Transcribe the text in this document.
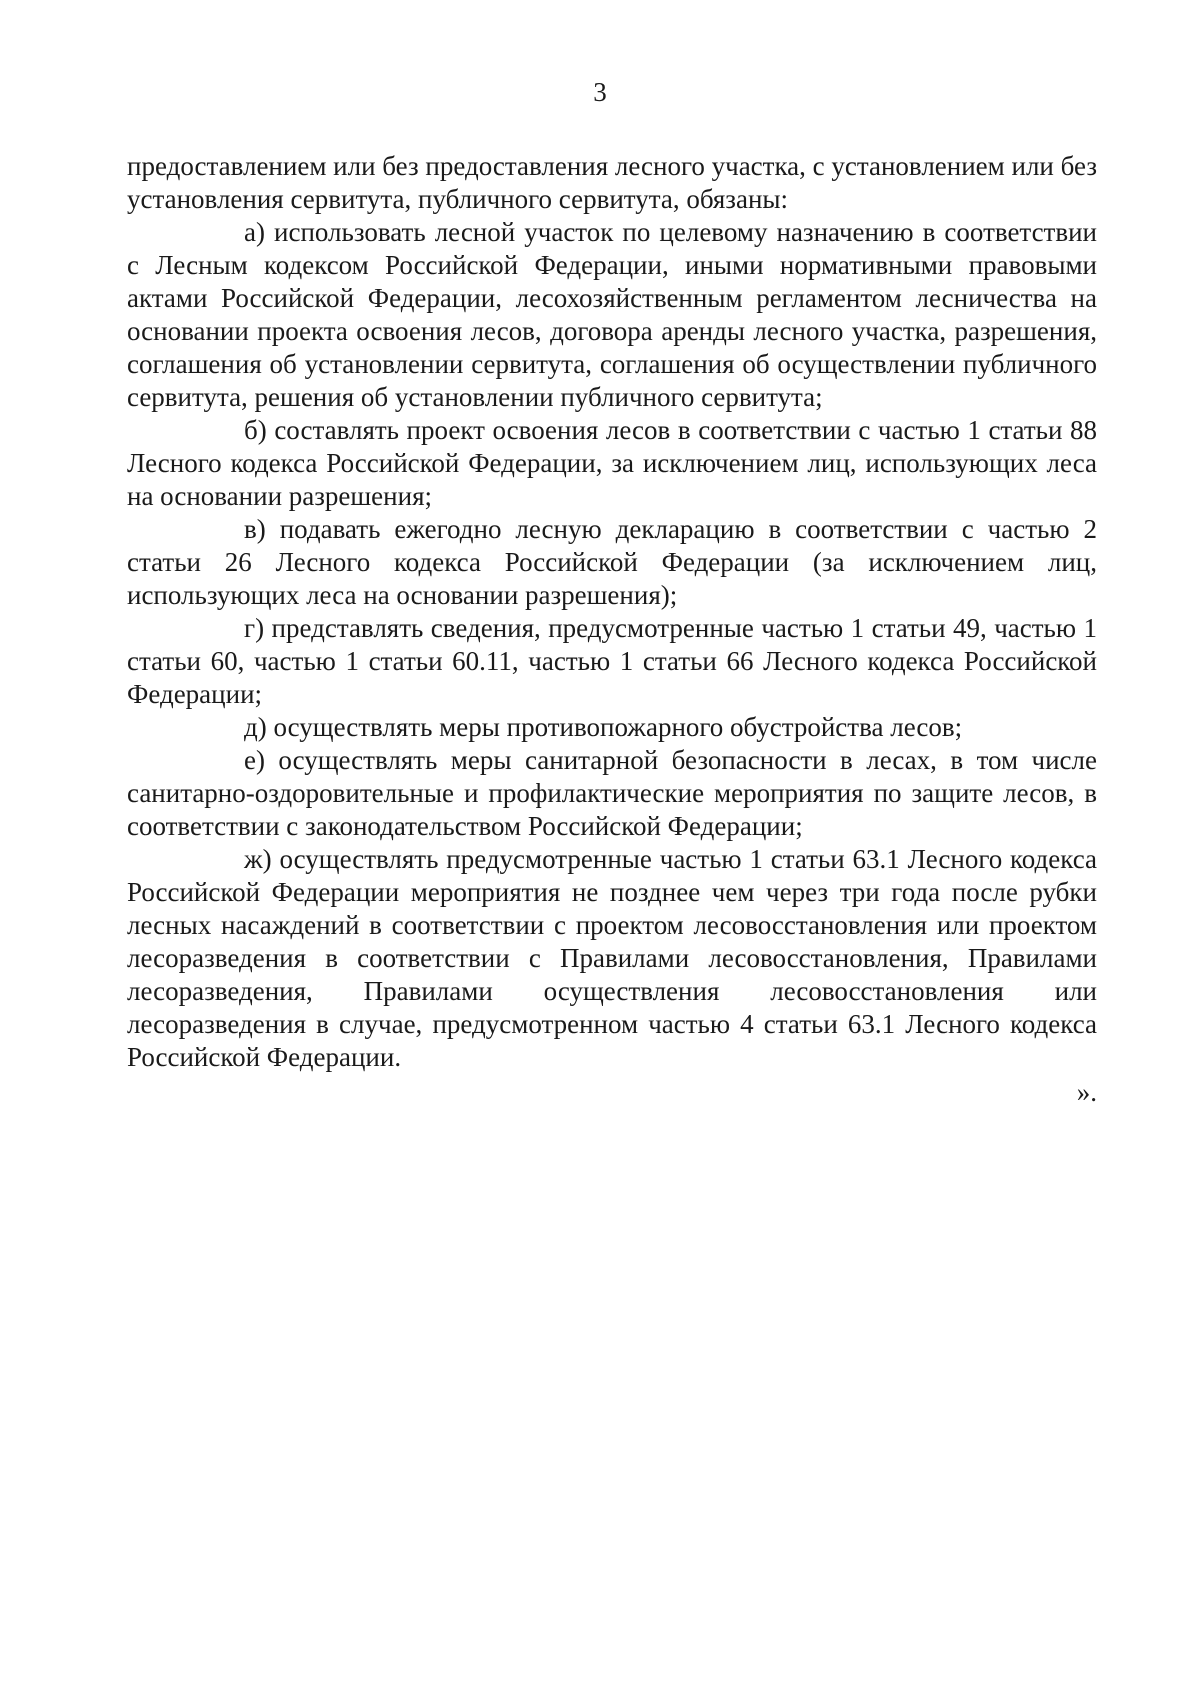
3

предоставлением или без предоставления лесного участка, с установлением или без установления сервитута, публичного сервитута, обязаны:

а) использовать лесной участок по целевому назначению в соответствии с Лесным кодексом Российской Федерации, иными нормативными правовыми актами Российской Федерации, лесохозяйственным регламентом лесничества на основании проекта освоения лесов, договора аренды лесного участка, разрешения, соглашения об установлении сервитута, соглашения об осуществлении публичного сервитута, решения об установлении публичного сервитута;

б) составлять проект освоения лесов в соответствии с частью 1 статьи 88 Лесного кодекса Российской Федерации, за исключением лиц, использующих леса на основании разрешения;

в) подавать ежегодно лесную декларацию в соответствии с частью 2 статьи 26 Лесного кодекса Российской Федерации (за исключением лиц, использующих леса на основании разрешения);

г) представлять сведения, предусмотренные частью 1 статьи 49, частью 1 статьи 60, частью 1 статьи 60.11, частью 1 статьи 66 Лесного кодекса Российской Федерации;

д) осуществлять меры противопожарного обустройства лесов;

е) осуществлять меры санитарной безопасности в лесах, в том числе санитарно-оздоровительные и профилактические мероприятия по защите лесов, в соответствии с законодательством Российской Федерации;

ж) осуществлять предусмотренные частью 1 статьи 63.1 Лесного кодекса Российской Федерации мероприятия не позднее чем через три года после рубки лесных насаждений в соответствии с проектом лесовосстановления или проектом лесоразведения в соответствии с Правилами лесовосстановления, Правилами лесоразведения, Правилами осуществления лесовосстановления или лесоразведения в случае, предусмотренном частью 4 статьи 63.1 Лесного кодекса Российской Федерации.

».
